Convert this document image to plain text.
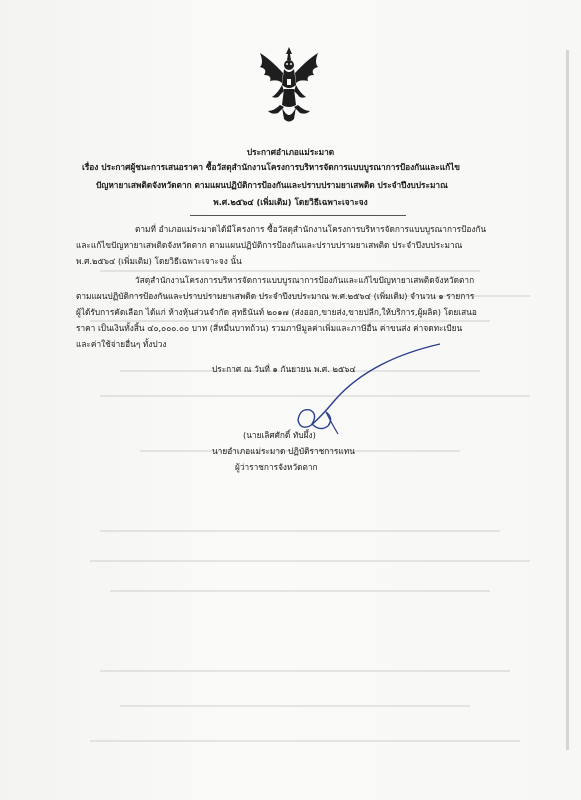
ประกาศอำเภอแม่ระมาด
เรื่อง ประกาศผู้ชนะการเสนอราคา ซื้อวัสดุสำนักงานโครงการบริหารจัดการแบบบูรณาการป้องกันและแก้ไข
ปัญหายาเสพติดจังหวัดตาก ตามแผนปฏิบัติการป้องกันและปราบปรามยาเสพติด ประจำปีงบประมาณ
พ.ศ.๒๕๖๔ (เพิ่มเติม) โดยวิธีเฉพาะเจาะจง
ตามที่ อำเภอแม่ระมาดได้มีโครงการ ซื้อวัสดุสำนักงานโครงการบริหารจัดการแบบบูรณาการป้องกัน
และแก้ไขปัญหายาเสพติดจังหวัดตาก ตามแผนปฏิบัติการป้องกันและปราบปรามยาเสพติด ประจำปีงบประมาณ
พ.ศ.๒๕๖๔ (เพิ่มเติม) โดยวิธีเฉพาะเจาะจง นั้น
วัสดุสำนักงานโครงการบริหารจัดการแบบบูรณาการป้องกันและแก้ไขปัญหายาเสพติดจังหวัดตาก
ตามแผนปฏิบัติการป้องกันและปราบปรามยาเสพติด ประจำปีงบประมาณ พ.ศ.๒๕๖๔ (เพิ่มเติม) จำนวน ๑ รายการ
ผู้ได้รับการคัดเลือก ได้แก่ ห้างหุ้นส่วนจำกัด สุทธินันท์ ๒๐๑๗ (ส่งออก,ขายส่ง,ขายปลีก,ให้บริการ,ผู้ผลิต) โดยเสนอ
ราคา เป็นเงินทั้งสิ้น ๔๐,๐๐๐.๐๐ บาท (สี่หมื่นบาทถ้วน) รวมภาษีมูลค่าเพิ่มและภาษีอื่น ค่าขนส่ง ค่าจดทะเบียน
และค่าใช้จ่ายอื่นๆ ทั้งปวง
ประกาศ ณ วันที่ ๑ กันยายน พ.ศ. ๒๕๖๔
(นายเลิศศักดิ์ ทับผึ้ง)
นายอำเภอแม่ระมาด ปฏิบัติราชการแทน
ผู้ว่าราชการจังหวัดตาก
